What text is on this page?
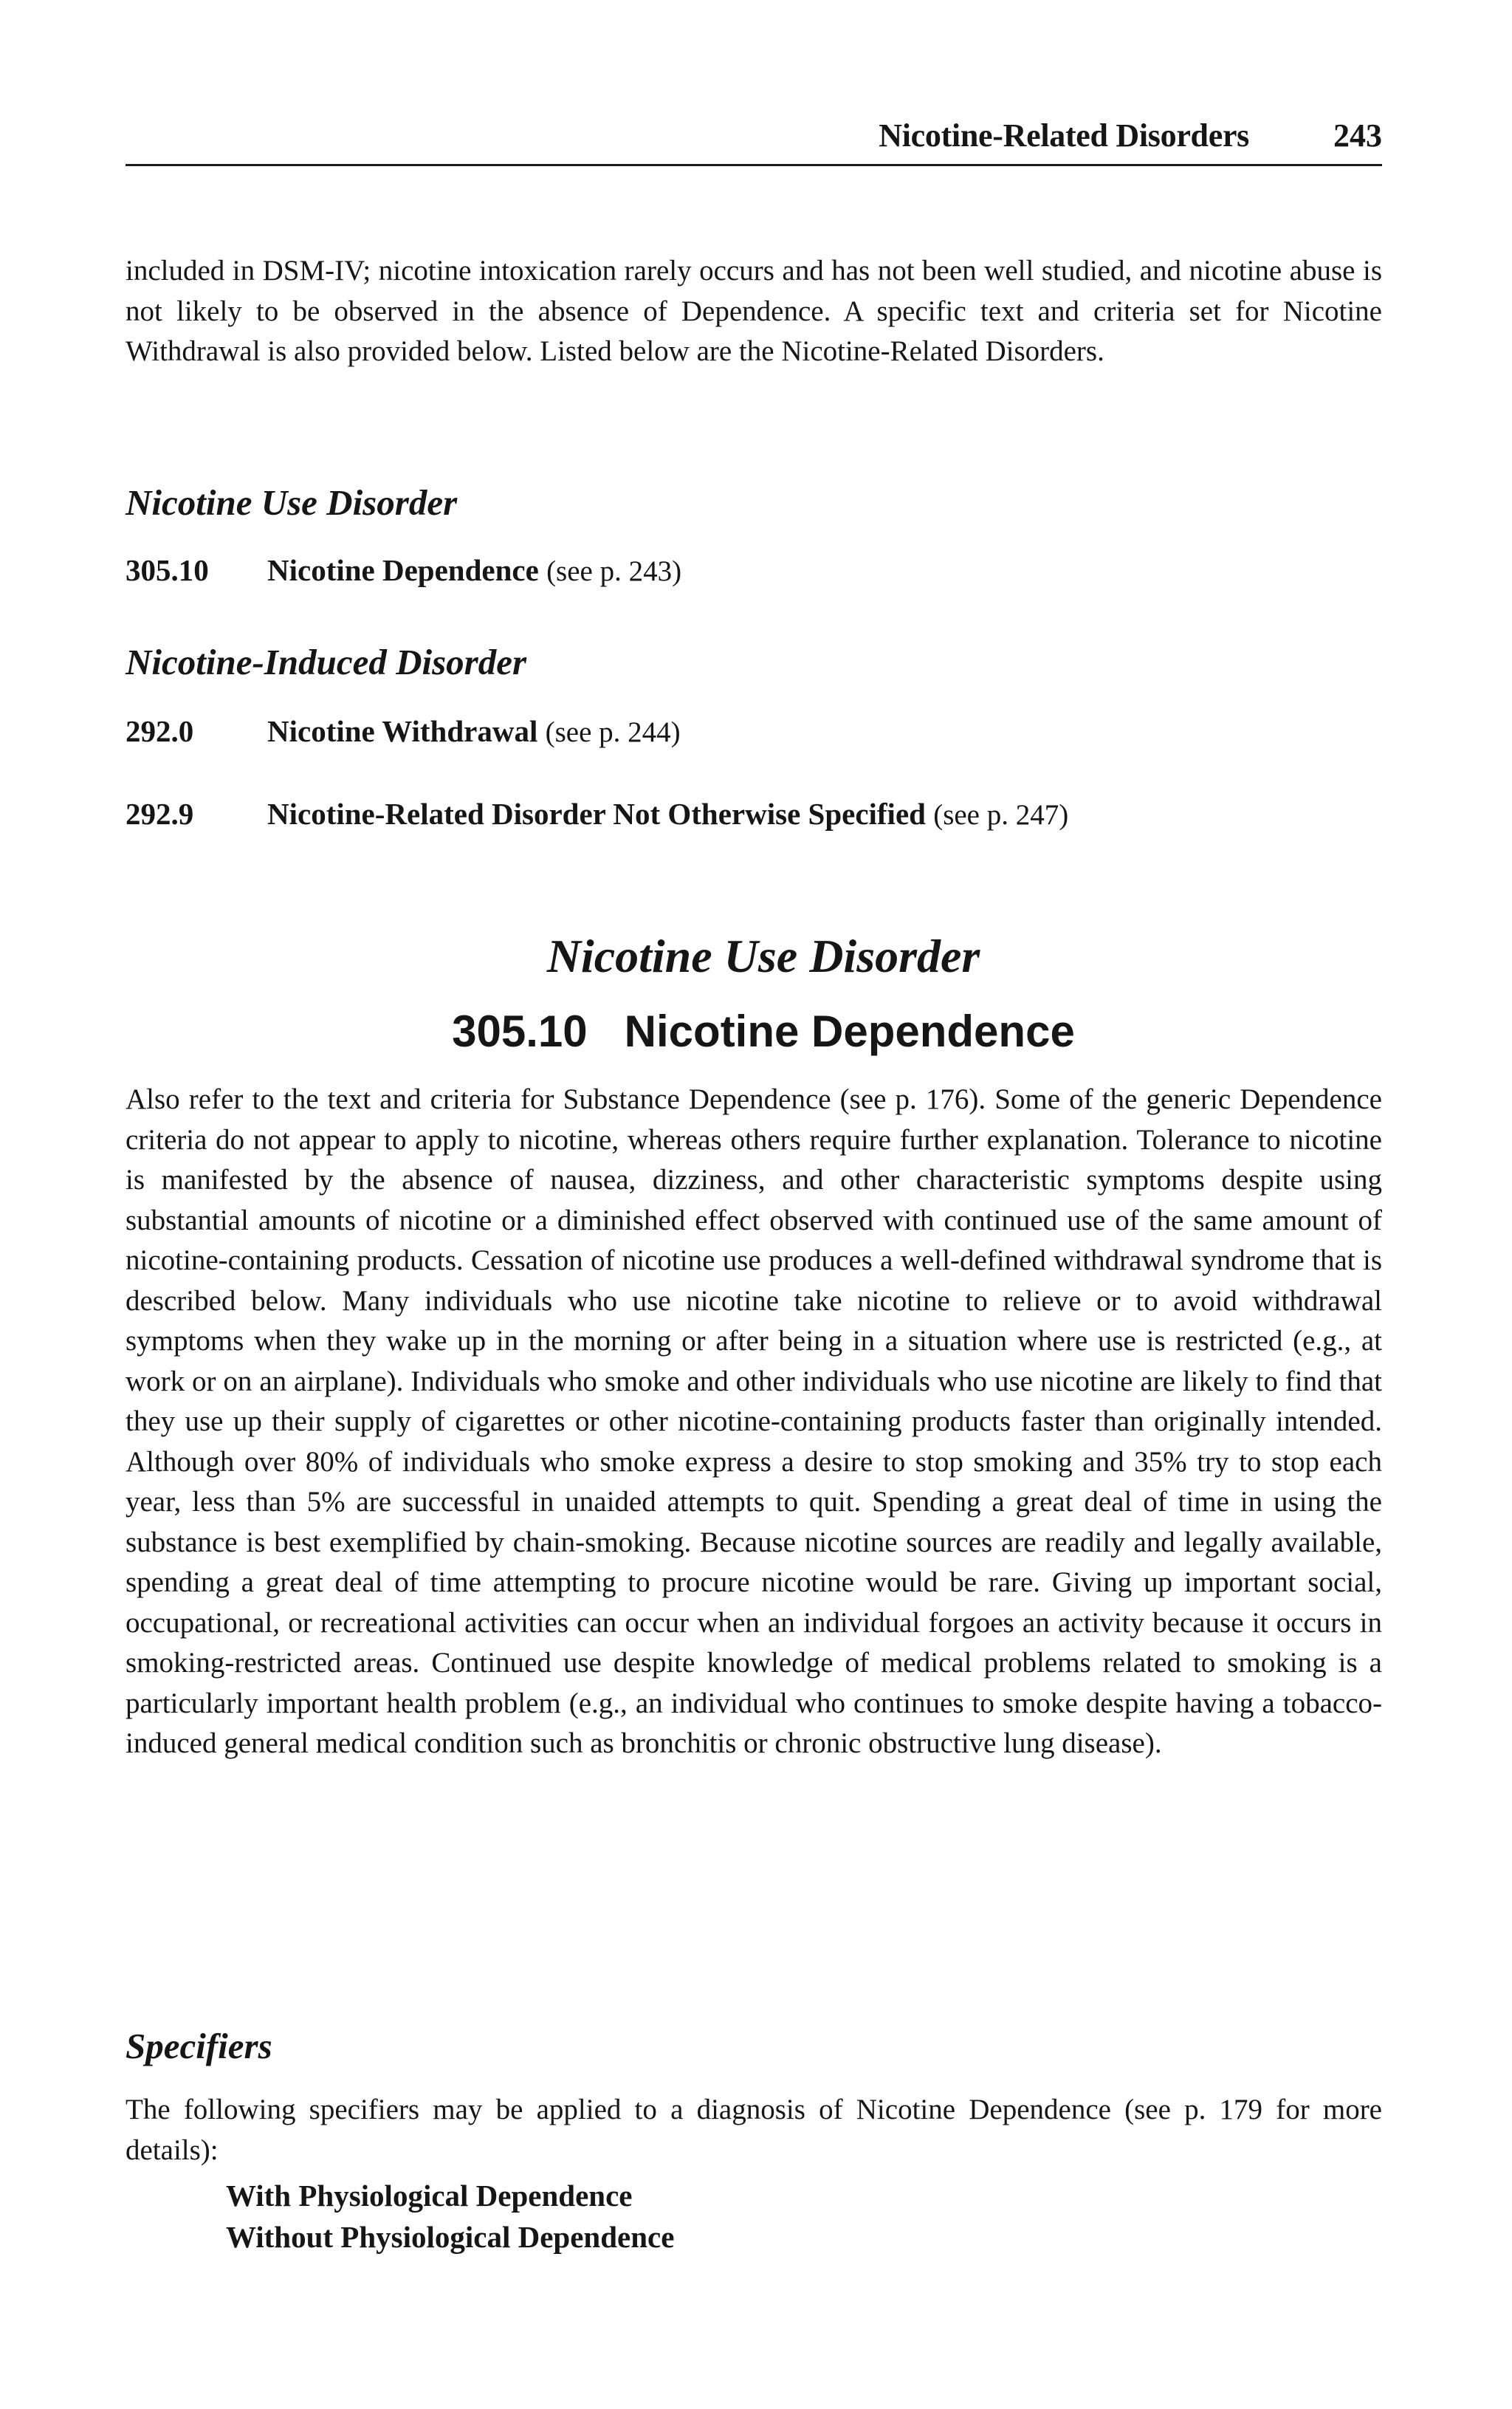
Nicotine-Related Disorders	243

included in DSM-IV; nicotine intoxication rarely occurs and has not been well studied, and nicotine abuse is not likely to be observed in the absence of Dependence. A specific text and criteria set for Nicotine Withdrawal is also provided below. Listed below are the Nicotine-Related Disorders.

Nicotine Use Disorder
305.10 Nicotine Dependence (see p. 243)
Nicotine-Induced Disorder
292.0 Nicotine Withdrawal (see p. 244)
292.9 Nicotine-Related Disorder Not Otherwise Specified (see p. 247)
Nicotine Use Disorder
305.10   Nicotine Dependence

Also refer to the text and criteria for Substance Dependence (see p. 176). Some of the generic Dependence criteria do not appear to apply to nicotine, whereas others require further explanation. Tolerance to nicotine is manifested by the absence of nausea, dizziness, and other characteristic symptoms despite using substantial amounts of nicotine or a diminished effect observed with continued use of the same amount of nicotine-containing products. Cessation of nicotine use produces a well-defined withdrawal syndrome that is described below. Many individuals who use nicotine take nicotine to relieve or to avoid withdrawal symptoms when they wake up in the morning or after being in a situation where use is restricted (e.g., at work or on an airplane). Individuals who smoke and other individuals who use nicotine are likely to find that they use up their supply of cigarettes or other nicotine-containing products faster than originally intended. Although over 80% of individuals who smoke express a desire to stop smoking and 35% try to stop each year, less than 5% are successful in unaided attempts to quit. Spending a great deal of time in using the substance is best exemplified by chain-smoking. Because nicotine sources are readily and legally available, spending a great deal of time attempting to procure nicotine would be rare. Giving up important social, occupational, or recreational activities can occur when an individual forgoes an activity because it occurs in smoking-restricted areas. Continued use despite knowledge of medical problems related to smoking is a particularly important health problem (e.g., an individual who continues to smoke despite having a tobacco-induced general medical condition such as bronchitis or chronic obstructive lung disease).

Specifiers

The following specifiers may be applied to a diagnosis of Nicotine Dependence (see p. 179 for more details):

With Physiological Dependence
Without Physiological Dependence
